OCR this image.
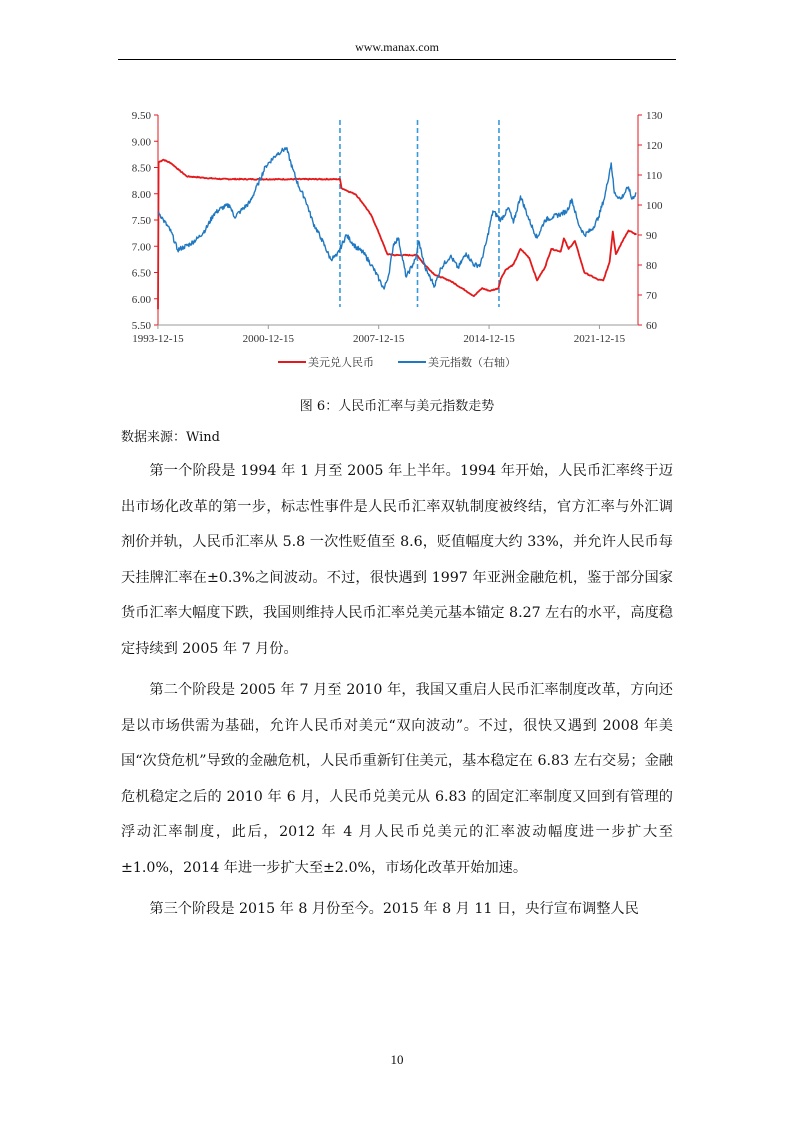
www.manax.com
5.50
6.00
6.50
7.00
7.50
8.00
8.50
9.00
9.50
60
70
80
90
100
110
120
130
1993-12-15	2000-12-15	2007-12-15	2014-12-15	2021-12-15
美元兑人民币	美元指数（右轴）
图 6：人民币汇率与美元指数走势
数据来源：Wind

第一个阶段是 1994 年 1 月至 2005 年上半年。1994 年开始，人民币汇率终于迈出市场化改革的第一步，标志性事件是人民币汇率双轨制度被终结，官方汇率与外汇调剂价并轨，人民币汇率从 5.8 一次性贬值至 8.6，贬值幅度大约 33%，并允许人民币每天挂牌汇率在±0.3%之间波动。不过，很快遇到 1997 年亚洲金融危机，鉴于部分国家货币汇率大幅度下跌，我国则维持人民币汇率兑美元基本锚定 8.27 左右的水平，高度稳定持续到 2005 年 7 月份。

第二个阶段是 2005 年 7 月至 2010 年，我国又重启人民币汇率制度改革，方向还是以市场供需为基础，允许人民币对美元“双向波动”。不过，很快又遇到 2008 年美国“次贷危机”导致的金融危机，人民币重新钉住美元，基本稳定在 6.83 左右交易；金融危机稳定之后的 2010 年 6 月，人民币兑美元从 6.83 的固定汇率制度又回到有管理的浮动汇率制度，此后，2012 年 4 月人民币兑美元的汇率波动幅度进一步扩大至±1.0%，2014 年进一步扩大至±2.0%，市场化改革开始加速。

第三个阶段是 2015 年 8 月份至今。2015 年 8 月 11 日，央行宣布调整人民

10
